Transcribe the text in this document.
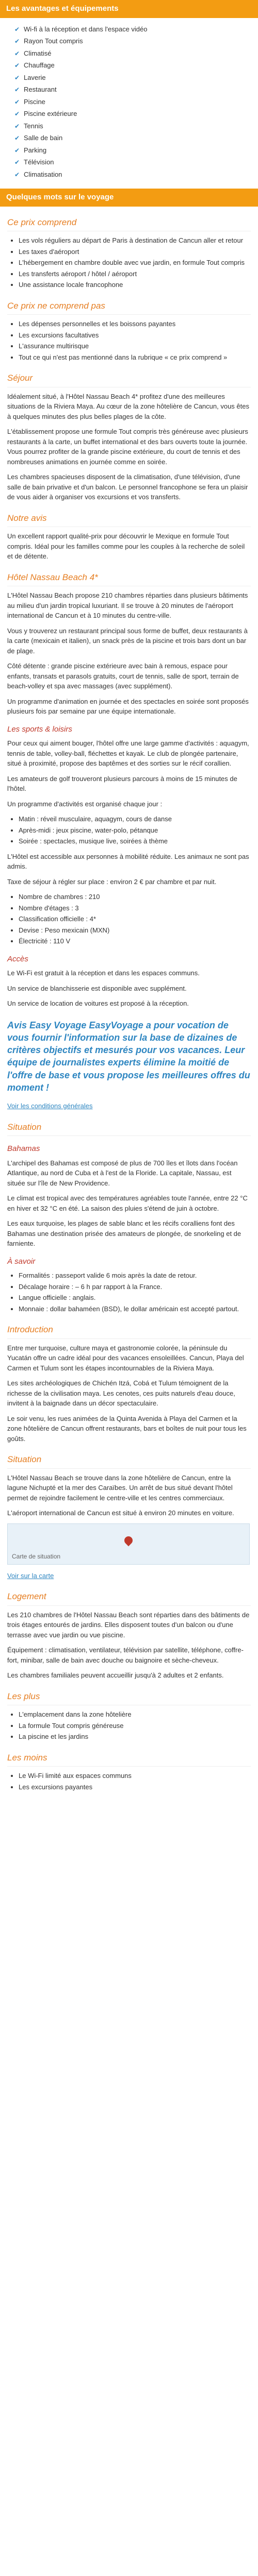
Les avantages et équipements
✔ Wi-fi à la réception et dans l'espace vidéo
✔ Rayon Tout compris
✔ Climatisé
✔ Chauffage
✔ Laverie
✔ Restaurant
✔ Piscine
✔ Piscine extérieure
✔ Tennis
✔ Salle de bain
✔ Parking
✔ Télévision
✔ Climatisation
Quelques mots sur le voyage
Ce prix comprend
• Les vols réguliers au départ de Paris à destination de Cancun aller et retour
• Les taxes d'aéroport
• L'hébergement en chambre double avec vue jardin, en formule Tout compris
• Les transferts aéroport / hôtel / aéroport
• Une assistance locale francophone
Ce prix ne comprend pas
• Les dépenses personnelles et les boissons payantes
• Les excursions facultatives
• L'assurance multirisque
• Tout ce qui n'est pas mentionné dans la rubrique « ce prix comprend »
Séjour

Idéalement situé, à l'Hôtel Nassau Beach 4* profitez d'une des meilleures situations de la Riviera Maya. Au cœur de la zone hôtelière de Cancun, vous êtes à quelques minutes des plus belles plages de la côte.

L'établissement propose une formule Tout compris très généreuse avec plusieurs restaurants à la carte, un buffet international et des bars ouverts toute la journée. Vous pourrez profiter de la grande piscine extérieure, du court de tennis et des nombreuses animations en journée comme en soirée.

Les chambres spacieuses disposent de la climatisation, d'une télévision, d'une salle de bain privative et d'un balcon. Le personnel francophone se fera un plaisir de vous aider à organiser vos excursions et vos transferts.

Notre avis

Un excellent rapport qualité-prix pour découvrir le Mexique en formule Tout compris. Idéal pour les familles comme pour les couples à la recherche de soleil et de détente.

Hôtel Nassau Beach 4*

L'Hôtel Nassau Beach propose 210 chambres réparties dans plusieurs bâtiments au milieu d'un jardin tropical luxuriant. Il se trouve à 20 minutes de l'aéroport international de Cancun et à 10 minutes du centre-ville.

Vous y trouverez un restaurant principal sous forme de buffet, deux restaurants à la carte (mexicain et italien), un snack près de la piscine et trois bars dont un bar de plage.

Côté détente : grande piscine extérieure avec bain à remous, espace pour enfants, transats et parasols gratuits, court de tennis, salle de sport, terrain de beach-volley et spa avec massages (avec supplément).

Un programme d'animation en journée et des spectacles en soirée sont proposés plusieurs fois par semaine par une équipe internationale.

Les sports & loisirs

Pour ceux qui aiment bouger, l'hôtel offre une large gamme d'activités : aquagym, tennis de table, volley-ball, fléchettes et kayak. Le club de plongée partenaire, situé à proximité, propose des baptêmes et des sorties sur le récif corallien.

Les amateurs de golf trouveront plusieurs parcours à moins de 15 minutes de l'hôtel.

Un programme d'activités est organisé chaque jour :

• Matin : réveil musculaire, aquagym, cours de danse
• Après-midi : jeux piscine, water-polo, pétanque
• Soirée : spectacles, musique live, soirées à thème

L'Hôtel est accessible aux personnes à mobilité réduite. Les animaux ne sont pas admis.

Taxe de séjour à régler sur place : environ 2 € par chambre et par nuit.

• Nombre de chambres : 210
• Nombre d'étages : 3
• Classification officielle : 4*
• Devise : Peso mexicain (MXN)
• Électricité : 110 V
Accès

Le Wi-Fi est gratuit à la réception et dans les espaces communs.

Un service de blanchisserie est disponible avec supplément.

Un service de location de voitures est proposé à la réception.

Avis Easy Voyage EasyVoyage a pour vocation de vous fournir l'information sur la base de dizaines de critères objectifs et mesurés pour vos vacances. Leur équipe de journalistes experts élimine la moitié de l'offre de base et vous propose les meilleures offres du moment !

Voir les conditions générales

Situation
Bahamas

L'archipel des Bahamas est composé de plus de 700 îles et îlots dans l'océan Atlantique, au nord de Cuba et à l'est de la Floride. La capitale, Nassau, est située sur l'île de New Providence.

Le climat est tropical avec des températures agréables toute l'année, entre 22 °C en hiver et 32 °C en été. La saison des pluies s'étend de juin à octobre.

Les eaux turquoise, les plages de sable blanc et les récifs coralliens font des Bahamas une destination prisée des amateurs de plongée, de snorkeling et de farniente.

À savoir
• Formalités : passeport valide 6 mois après la date de retour.
• Décalage horaire : – 6 h par rapport à la France.
• Langue officielle : anglais.
• Monnaie : dollar bahaméen (BSD), le dollar américain est accepté partout.
Introduction

Entre mer turquoise, culture maya et gastronomie colorée, la péninsule du Yucatán offre un cadre idéal pour des vacances ensoleillées. Cancun, Playa del Carmen et Tulum sont les étapes incontournables de la Riviera Maya.

Les sites archéologiques de Chichén Itzá, Cobá et Tulum témoignent de la richesse de la civilisation maya. Les cenotes, ces puits naturels d'eau douce, invitent à la baignade dans un décor spectaculaire.

Le soir venu, les rues animées de la Quinta Avenida à Playa del Carmen et la zone hôtelière de Cancun offrent restaurants, bars et boîtes de nuit pour tous les goûts.

Situation

L'Hôtel Nassau Beach se trouve dans la zone hôtelière de Cancun, entre la lagune Nichupté et la mer des Caraïbes. Un arrêt de bus situé devant l'hôtel permet de rejoindre facilement le centre-ville et les centres commerciaux.

L'aéroport international de Cancun est situé à environ 20 minutes en voiture.

Carte de situation

Voir sur la carte

Logement

Les 210 chambres de l'Hôtel Nassau Beach sont réparties dans des bâtiments de trois étages entourés de jardins. Elles disposent toutes d'un balcon ou d'une terrasse avec vue jardin ou vue piscine.

Équipement : climatisation, ventilateur, télévision par satellite, téléphone, coffre-fort, minibar, salle de bain avec douche ou baignoire et sèche-cheveux.

Les chambres familiales peuvent accueillir jusqu'à 2 adultes et 2 enfants.

Les plus
• L'emplacement dans la zone hôtelière
• La formule Tout compris généreuse
• La piscine et les jardins
Les moins
• Le Wi-Fi limité aux espaces communs
• Les excursions payantes
